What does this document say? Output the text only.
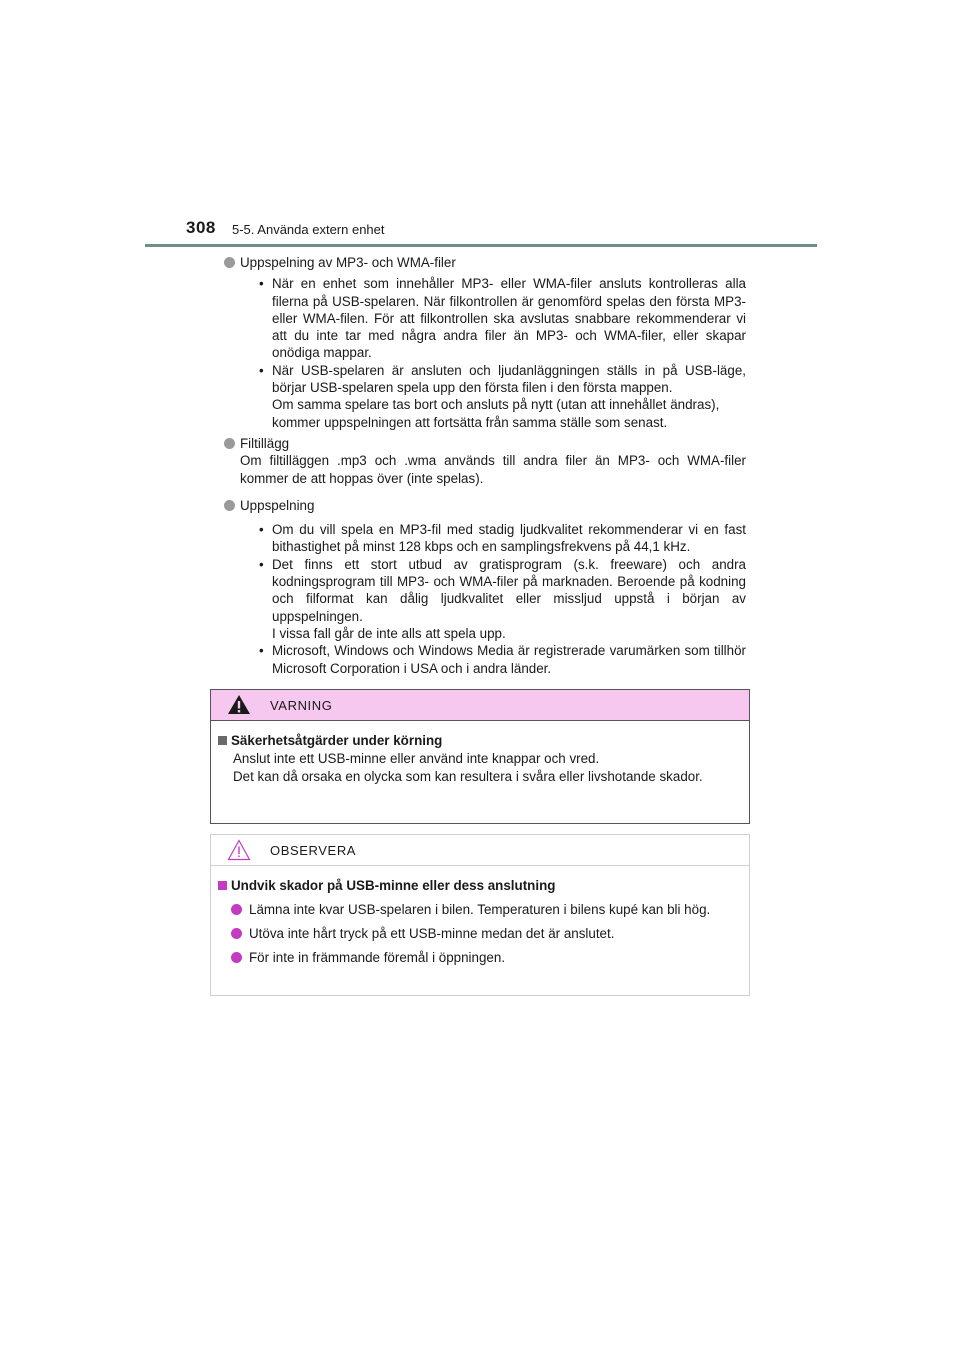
308 5-5. Använda extern enhet
Uppspelning av MP3- och WMA-filer
• När en enhet som innehåller MP3- eller WMA-filer ansluts kontrolleras alla filerna på USB-spelaren. När filkontrollen är genomförd spelas den första MP3- eller WMA-filen. För att filkontrollen ska avslutas snabbare rekommenderar vi att du inte tar med några andra filer än MP3- och WMA-filer, eller skapar onödiga mappar.
• När USB-spelaren är ansluten och ljudanläggningen ställs in på USB-läge, börjar USB-spelaren spela upp den första filen i den första mappen.
Om samma spelare tas bort och ansluts på nytt (utan att innehållet ändras), kommer uppspelningen att fortsätta från samma ställe som senast.
Filtillägg
Om filtilläggen .mp3 och .wma används till andra filer än MP3- och WMA-filer kommer de att hoppas över (inte spelas).
Uppspelning
• Om du vill spela en MP3-fil med stadig ljudkvalitet rekommenderar vi en fast bithastighet på minst 128 kbps och en samplingsfrekvens på 44,1 kHz.
• Det finns ett stort utbud av gratisprogram (s.k. freeware) och andra kodningsprogram till MP3- och WMA-filer på marknaden. Beroende på kodning och filformat kan dålig ljudkvalitet eller missljud uppstå i början av uppspelningen.
I vissa fall går de inte alls att spela upp.
• Microsoft, Windows och Windows Media är registrerade varumärken som tillhör Microsoft Corporation i USA och i andra länder.
VARNING
Säkerhetsåtgärder under körning
Anslut inte ett USB-minne eller använd inte knappar och vred.
Det kan då orsaka en olycka som kan resultera i svåra eller livshotande skador.
OBSERVERA
Undvik skador på USB-minne eller dess anslutning
Lämna inte kvar USB-spelaren i bilen. Temperaturen i bilens kupé kan bli hög.
Utöva inte hårt tryck på ett USB-minne medan det är anslutet.
För inte in främmande föremål i öppningen.
